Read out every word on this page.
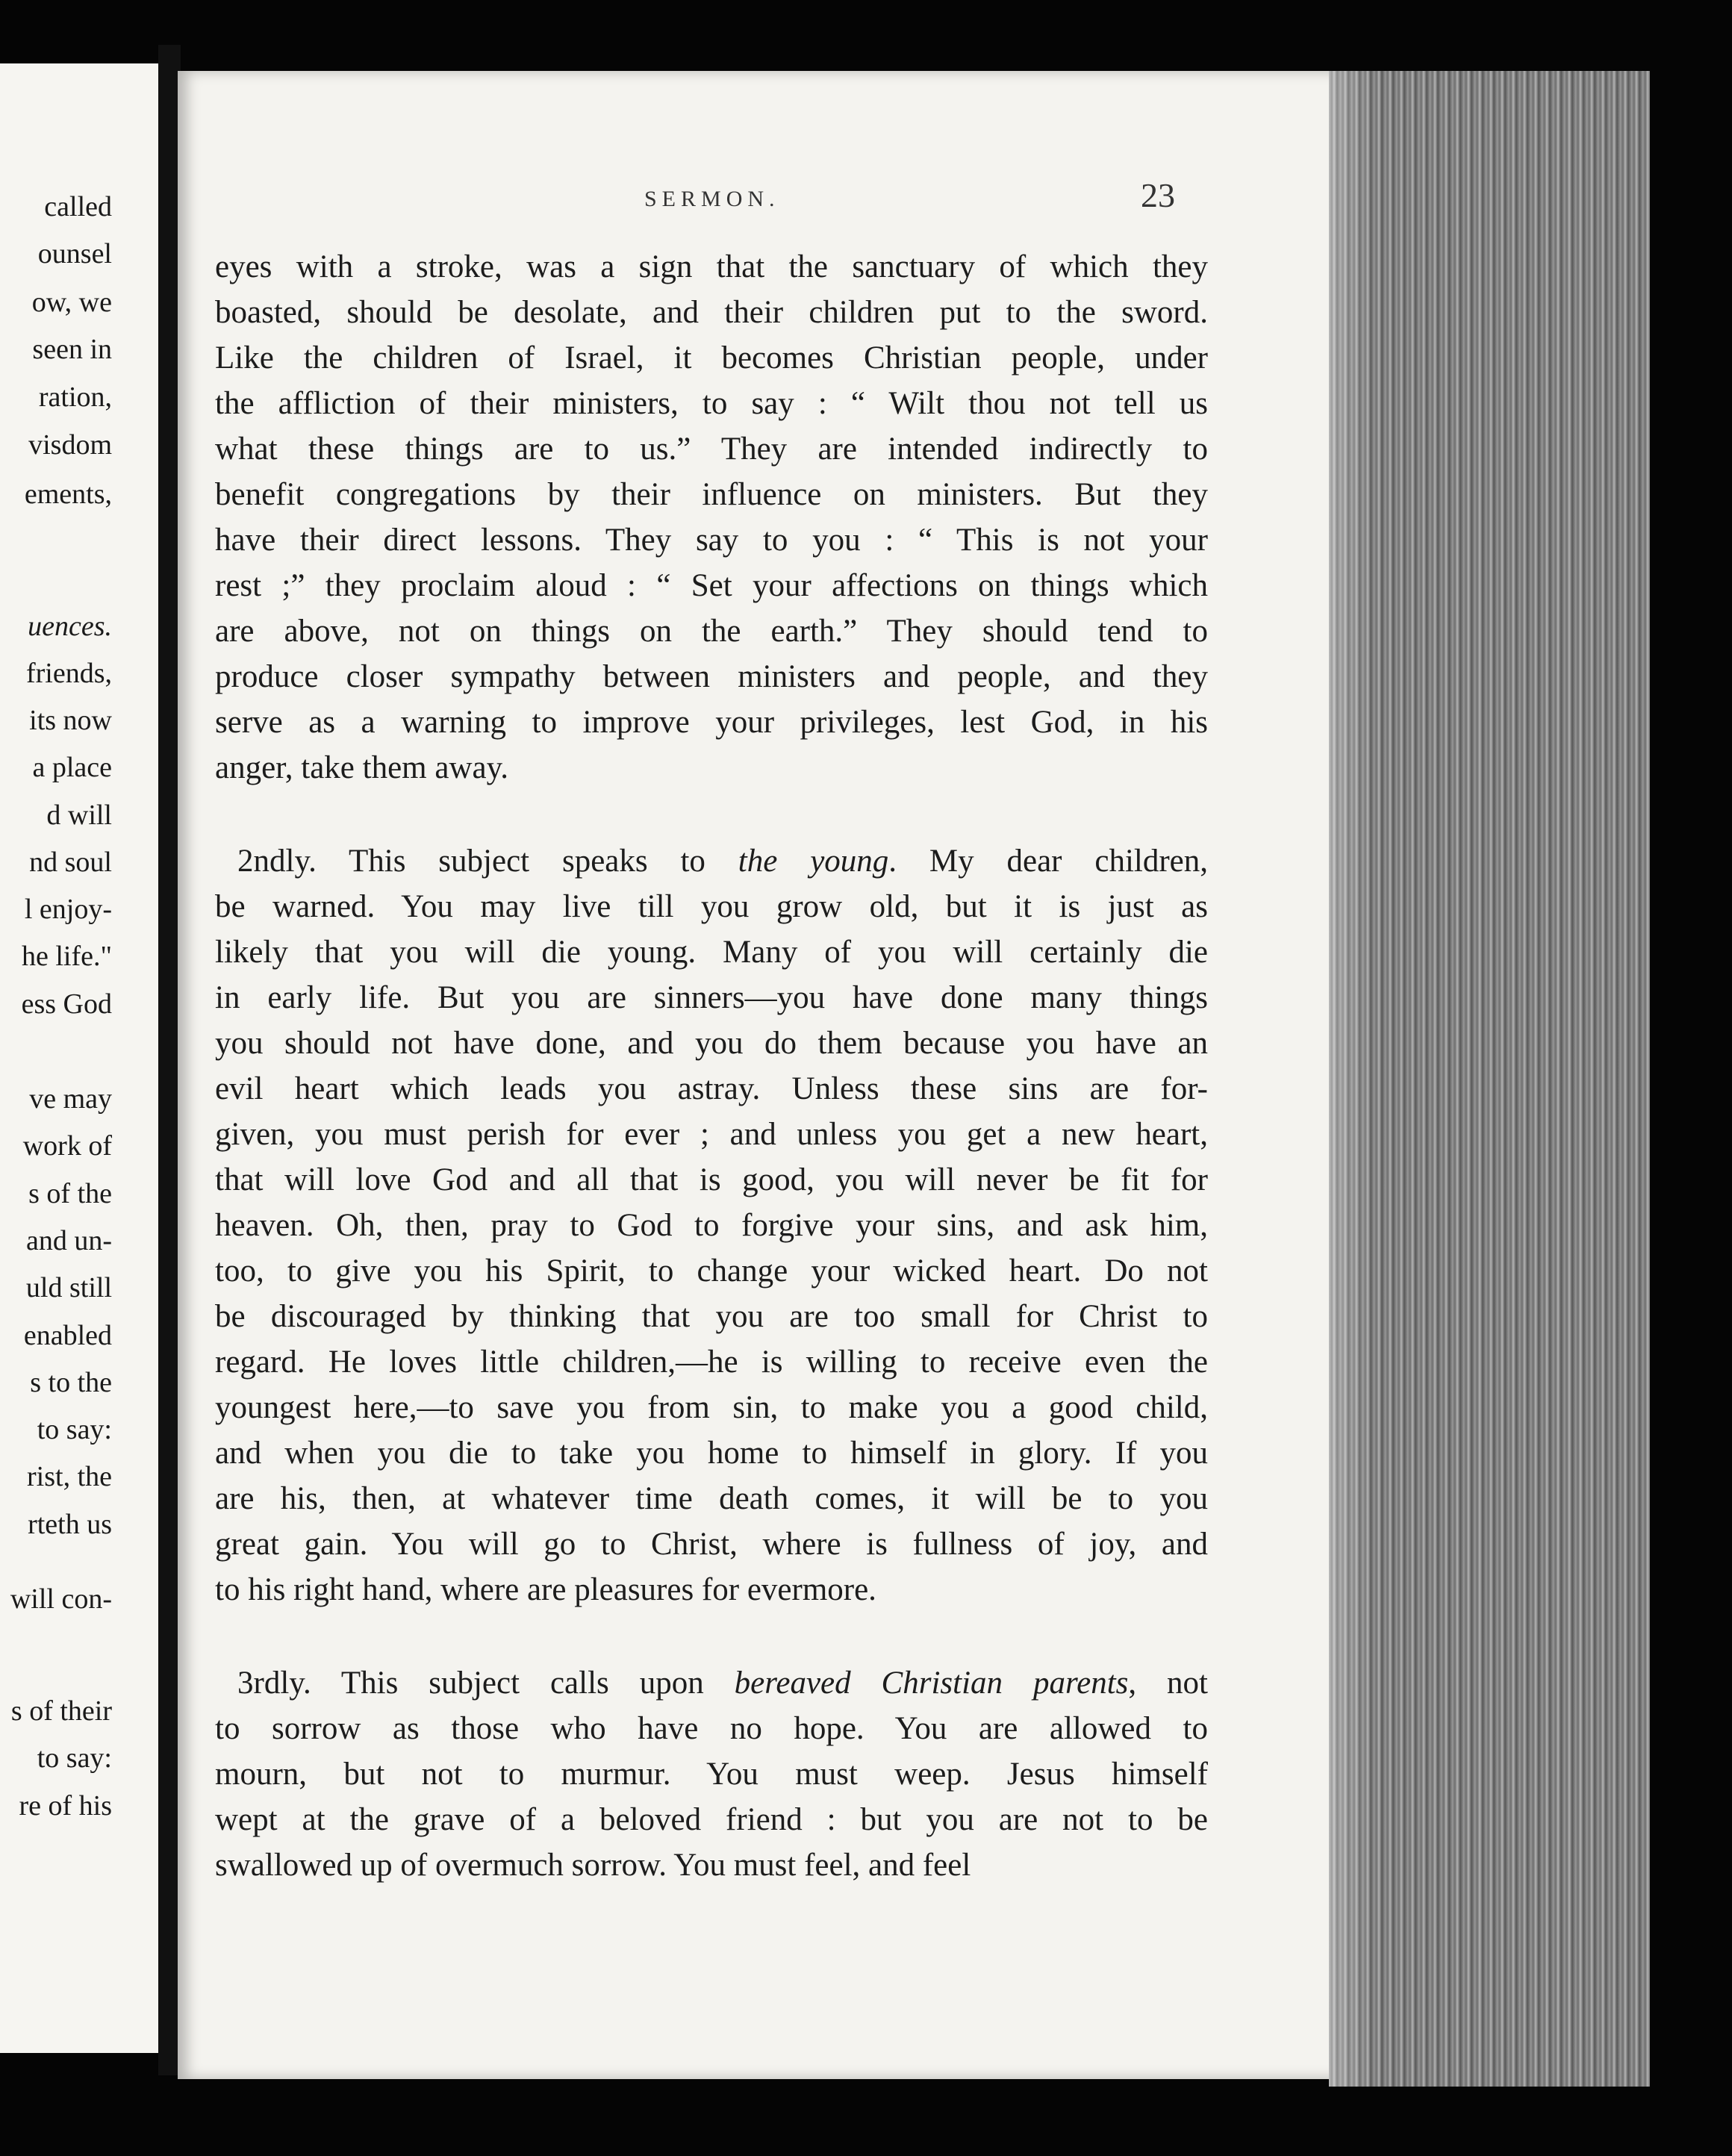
called
ounsel
ow, we
seen in
ration,
visdom
ements,
uences.
friends,
its now
a place
d will
nd soul
l enjoy-
he life."
ess God
ve may
work of
s of the
and un-
uld still
enabled
s to the
to say:
rist, the
rteth us
will con-
s of their
to say:
re of his
SERMON.	23
eyes with a stroke, was a sign that the sanctuary of which they
boasted, should be desolate, and their children put to the sword.
Like the children of Israel, it becomes Christian people, under
the affliction of their ministers, to say : “ Wilt thou not tell us
what these things are to us.” They are intended indirectly to
benefit congregations by their influence on ministers. But they
have their direct lessons. They say to you : “ This is not your
rest ;” they proclaim aloud : “ Set your affections on things which
are above, not on things on the earth.” They should tend to
produce closer sympathy between ministers and people, and they
serve as a warning to improve your privileges, lest God, in his
anger, take them away.
2ndly. This subject speaks to the young. My dear children,
be warned. You may live till you grow old, but it is just as
likely that you will die young. Many of you will certainly die
in early life. But you are sinners—you have done many things
you should not have done, and you do them because you have an
evil heart which leads you astray. Unless these sins are for-
given, you must perish for ever ; and unless you get a new heart,
that will love God and all that is good, you will never be fit for
heaven. Oh, then, pray to God to forgive your sins, and ask him,
too, to give you his Spirit, to change your wicked heart. Do not
be discouraged by thinking that you are too small for Christ to
regard. He loves little children,—he is willing to receive even the
youngest here,—to save you from sin, to make you a good child,
and when you die to take you home to himself in glory. If you
are his, then, at whatever time death comes, it will be to you
great gain. You will go to Christ, where is fullness of joy, and
to his right hand, where are pleasures for evermore.
3rdly. This subject calls upon bereaved Christian parents, not
to sorrow as those who have no hope. You are allowed to
mourn, but not to murmur. You must weep. Jesus himself
wept at the grave of a beloved friend : but you are not to be
swallowed up of overmuch sorrow. You must feel, and feel
